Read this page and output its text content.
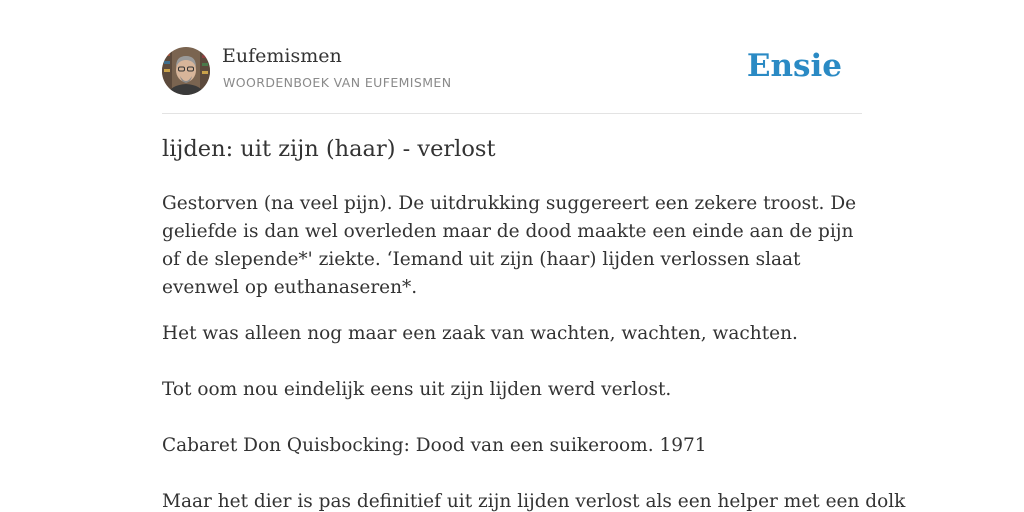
Eufemismen
WOORDENBOEK VAN EUFEMISMEN	Ensie
lijden: uit zijn (haar) - verlost

Gestorven (na veel pijn). De uitdrukking suggereert een zekere troost. De geliefde is dan wel overleden maar de dood maakte een einde aan de pijn of de slepende*' ziekte. ‘Iemand uit zijn (haar) lijden verlossen slaat evenwel op euthanaseren*.

Het was alleen nog maar een zaak van wachten, wachten, wachten.

Tot oom nou eindelijk eens uit zijn lijden werd verlost.

Cabaret Don Quisbocking: Dood van een suikeroom. 1971

Maar het dier is pas definitief uit zijn lijden verlost als een helper met een dolk
